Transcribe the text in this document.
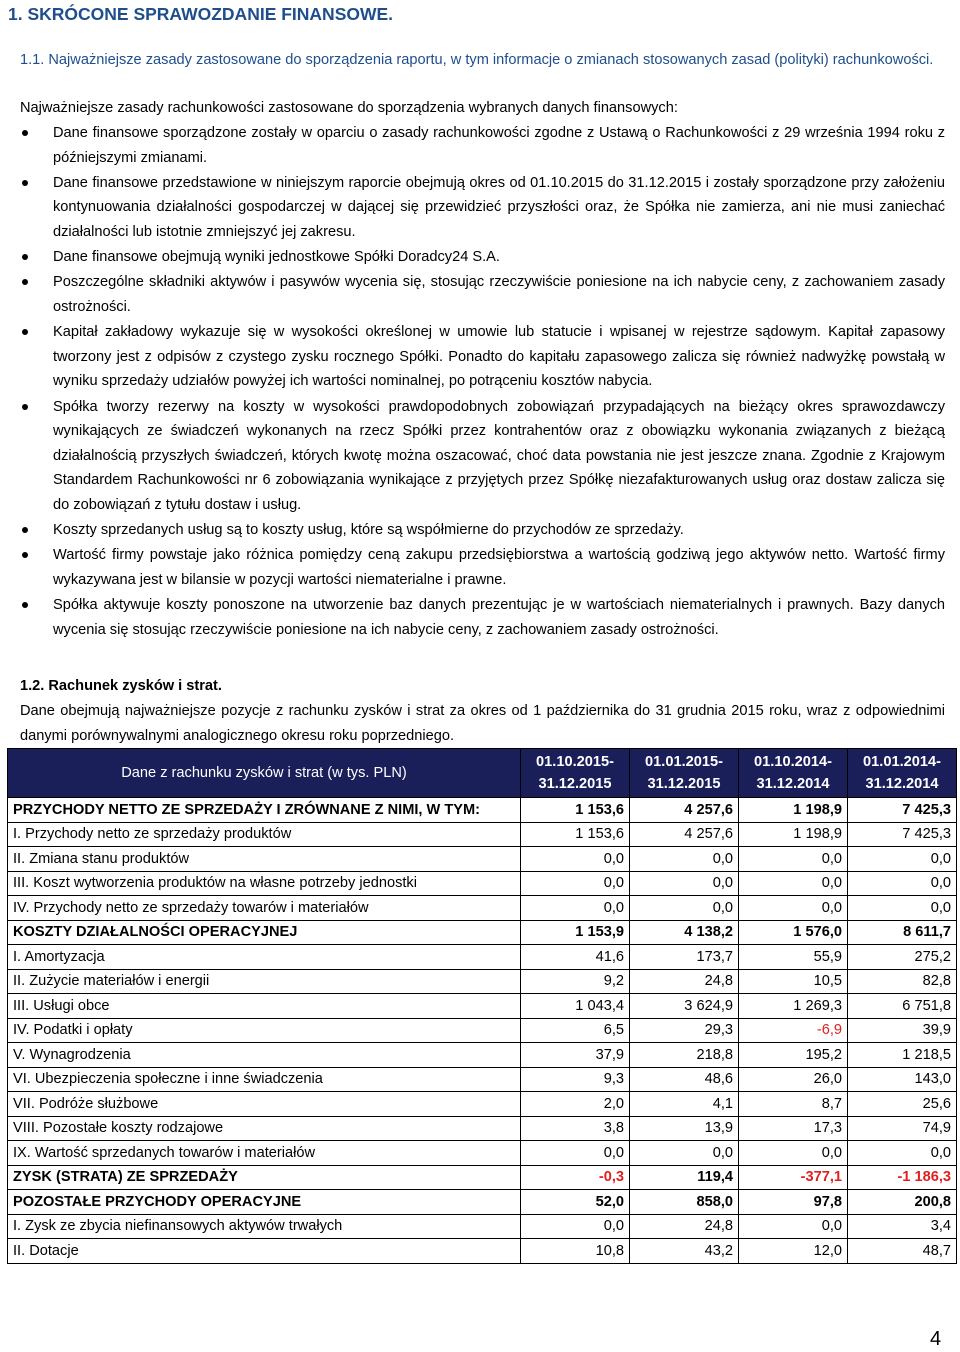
1. SKRÓCONE SPRAWOZDANIE FINANSOWE.
1.1. Najważniejsze zasady zastosowane do sporządzenia raportu, w tym informacje o zmianach stosowanych zasad (polityki) rachunkowości.
Najważniejsze zasady rachunkowości zastosowane do sporządzenia wybranych danych finansowych:
Dane finansowe sporządzone zostały w oparciu o zasady rachunkowości zgodne z Ustawą o Rachunkowości z 29 września 1994 roku z późniejszymi zmianami.
Dane finansowe przedstawione w niniejszym raporcie obejmują okres od 01.10.2015 do 31.12.2015 i zostały sporządzone przy założeniu kontynuowania działalności gospodarczej w dającej się przewidzieć przyszłości oraz, że Spółka nie zamierza, ani nie musi zaniechać działalności lub istotnie zmniejszyć jej zakresu.
Dane finansowe obejmują wyniki jednostkowe Spółki Doradcy24 S.A.
Poszczególne składniki aktywów i pasywów wycenia się, stosując rzeczywiście poniesione na ich nabycie ceny, z zachowaniem zasady ostrożności.
Kapitał zakładowy wykazuje się w wysokości określonej w umowie lub statucie i wpisanej w rejestrze sądowym. Kapitał zapasowy tworzony jest z odpisów z czystego zysku rocznego Spółki. Ponadto do kapitału zapasowego zalicza się również nadwyżkę powstałą w wyniku sprzedaży udziałów powyżej ich wartości nominalnej, po potrąceniu kosztów nabycia.
Spółka tworzy rezerwy na koszty w wysokości prawdopodobnych zobowiązań przypadających na bieżący okres sprawozdawczy wynikających ze świadczeń wykonanych na rzecz Spółki przez kontrahentów oraz z obowiązku wykonania związanych z bieżącą działalnością przyszłych świadczeń, których kwotę można oszacować, choć data powstania nie jest jeszcze znana. Zgodnie z Krajowym Standardem Rachunkowości nr 6 zobowiązania wynikające z przyjętych przez Spółkę niezafakturowanych usług oraz dostaw zalicza się do zobowiązań z tytułu dostaw i usług.
Koszty sprzedanych usług są to koszty usług, które są współmierne do przychodów ze sprzedaży.
Wartość firmy powstaje jako różnica pomiędzy ceną zakupu przedsiębiorstwa a wartością godziwą jego aktywów netto. Wartość firmy wykazywana jest w bilansie w pozycji wartości niematerialne i prawne.
Spółka aktywuje koszty ponoszone na utworzenie baz danych prezentując je w wartościach niematerialnych i prawnych. Bazy danych wycenia się stosując rzeczywiście poniesione na ich nabycie ceny, z zachowaniem zasady ostrożności.
1.2. Rachunek zysków i strat.
Dane obejmują najważniejsze pozycje z rachunku zysków i strat za okres od 1 października do 31 grudnia 2015 roku, wraz z odpowiednimi danymi porównywalnymi analogicznego okresu roku poprzedniego.
Dane z rachunku zysków i strat (w tys. PLN)	01.10.2015-
31.12.2015	01.01.2015-
31.12.2015	01.10.2014-
31.12.2014	01.01.2014-
31.12.2014
PRZYCHODY NETTO ZE SPRZEDAŻY I ZRÓWNANE Z NIMI, W TYM:	1 153,6	4 257,6	1 198,9	7 425,3
I. Przychody netto ze sprzedaży produktów	1 153,6	4 257,6	1 198,9	7 425,3
II. Zmiana stanu produktów	0,0	0,0	0,0	0,0
III. Koszt wytworzenia produktów na własne potrzeby jednostki	0,0	0,0	0,0	0,0
IV. Przychody netto ze sprzedaży towarów i materiałów	0,0	0,0	0,0	0,0
KOSZTY DZIAŁALNOŚCI OPERACYJNEJ	1 153,9	4 138,2	1 576,0	8 611,7
I. Amortyzacja	41,6	173,7	55,9	275,2
II. Zużycie materiałów i energii	9,2	24,8	10,5	82,8
III. Usługi obce	1 043,4	3 624,9	1 269,3	6 751,8
IV. Podatki i opłaty	6,5	29,3	-6,9	39,9
V. Wynagrodzenia	37,9	218,8	195,2	1 218,5
VI. Ubezpieczenia społeczne i inne świadczenia	9,3	48,6	26,0	143,0
VII. Podróże służbowe	2,0	4,1	8,7	25,6
VIII. Pozostałe koszty rodzajowe	3,8	13,9	17,3	74,9
IX. Wartość sprzedanych towarów i materiałów	0,0	0,0	0,0	0,0
ZYSK (STRATA) ZE SPRZEDAŻY	-0,3	119,4	-377,1	-1 186,3
POZOSTAŁE PRZYCHODY OPERACYJNE	52,0	858,0	97,8	200,8
I. Zysk ze zbycia niefinansowych aktywów trwałych	0,0	24,8	0,0	3,4
II. Dotacje	10,8	43,2	12,0	48,7
4
